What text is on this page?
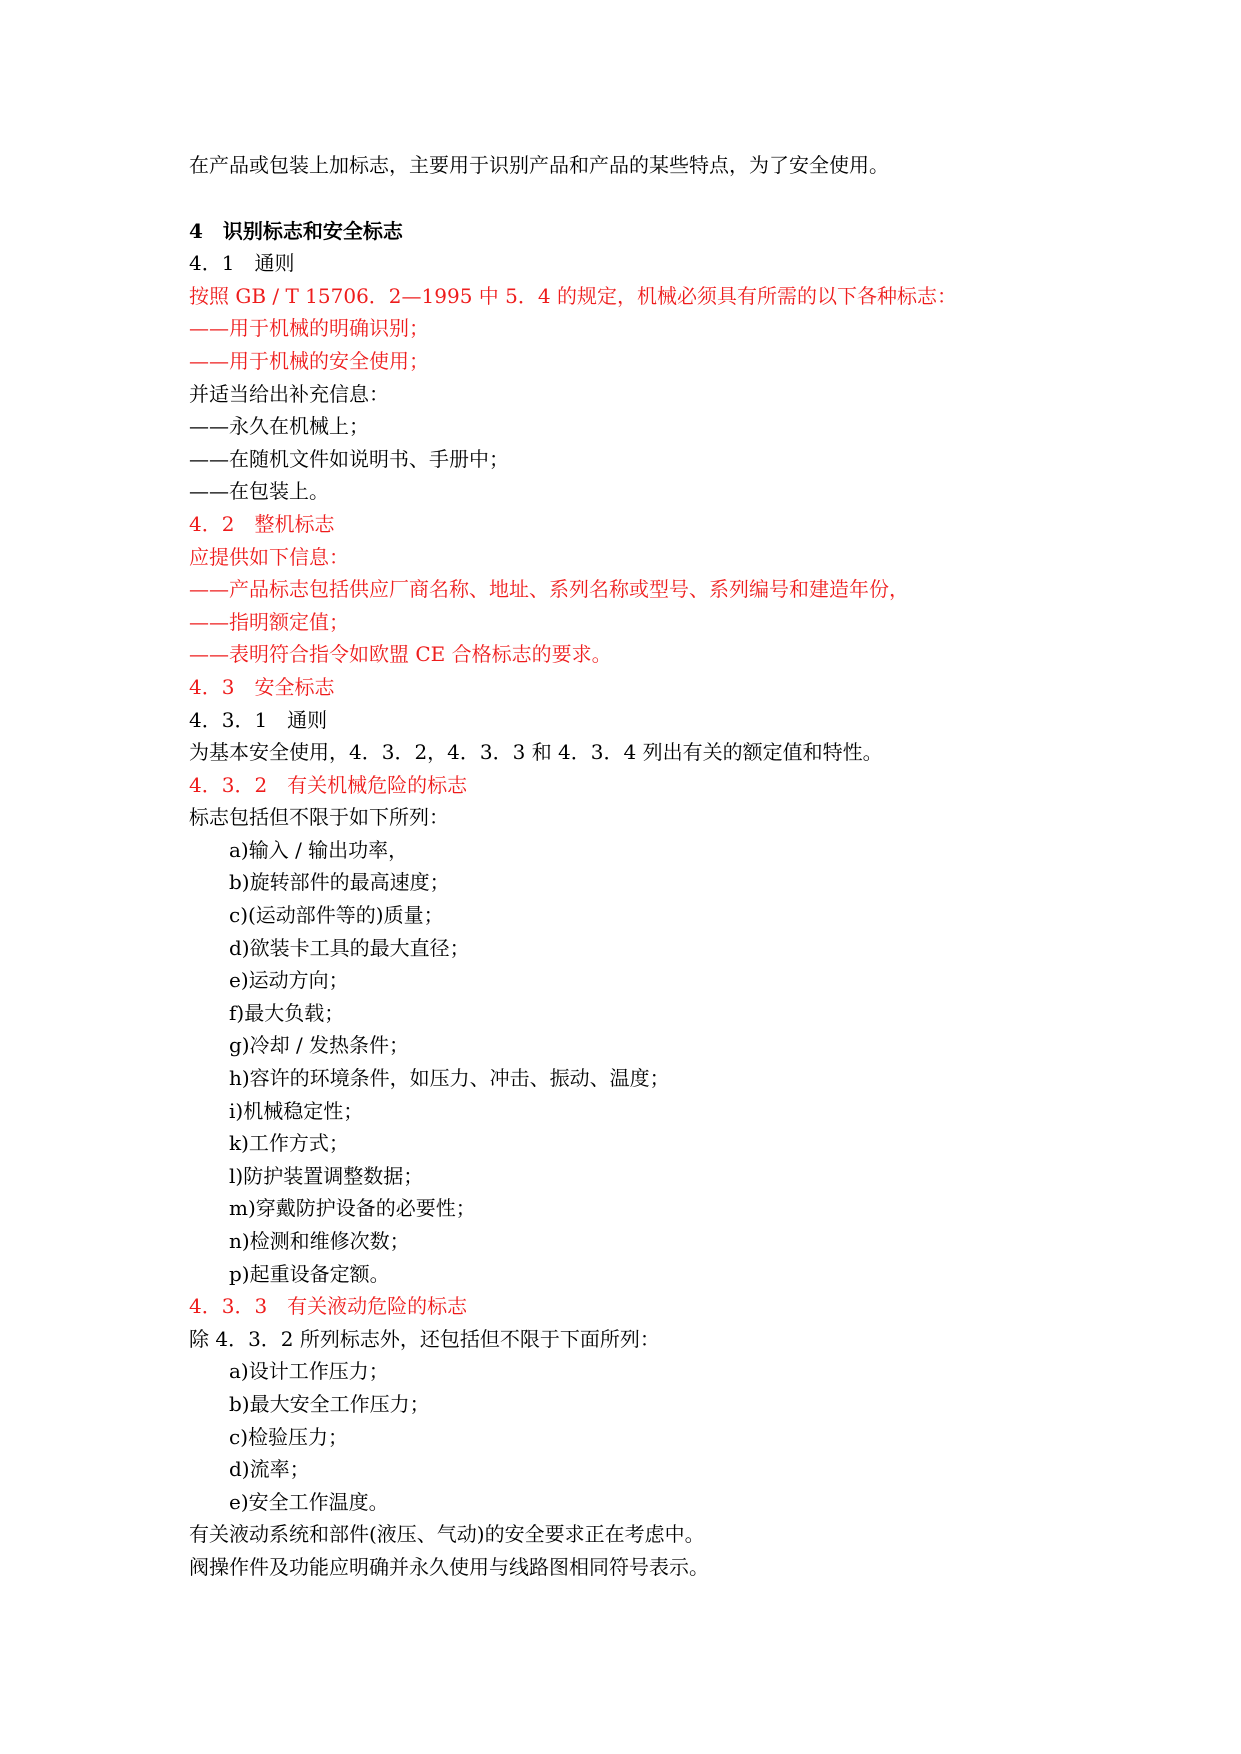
在产品或包装上加标志，主要用于识别产品和产品的某些特点，为了安全使用。
4　识别标志和安全标志
4．1　通则
按照 GB / T 15706．2—1995 中 5．4 的规定，机械必须具有所需的以下各种标志：
——用于机械的明确识别；
——用于机械的安全使用；
并适当给出补充信息：
——永久在机械上；
——在随机文件如说明书、手册中；
——在包装上。
4．2　整机标志
应提供如下信息：
——产品标志包括供应厂商名称、地址、系列名称或型号、系列编号和建造年份，
——指明额定值；
——表明符合指令如欧盟 CE 合格标志的要求。
4．3　安全标志
4．3．1　通则
为基本安全使用，4．3．2，4．3．3 和 4．3．4 列出有关的额定值和特性。
4．3．2　有关机械危险的标志
标志包括但不限于如下所列：
a)输入 / 输出功率，
b)旋转部件的最高速度；
c)(运动部件等的)质量；
d)欲装卡工具的最大直径；
e)运动方向；
f)最大负载；
g)冷却 / 发热条件；
h)容许的环境条件，如压力、冲击、振动、温度；
i)机械稳定性；
k)工作方式；
l)防护装置调整数据；
m)穿戴防护设备的必要性；
n)检测和维修次数；
p)起重设备定额。
4．3．3　有关液动危险的标志
除 4．3．2 所列标志外，还包括但不限于下面所列：
a)设计工作压力；
b)最大安全工作压力；
c)检验压力；
d)流率；
e)安全工作温度。
有关液动系统和部件(液压、气动)的安全要求正在考虑中。
阀操作件及功能应明确并永久使用与线路图相同符号表示。
